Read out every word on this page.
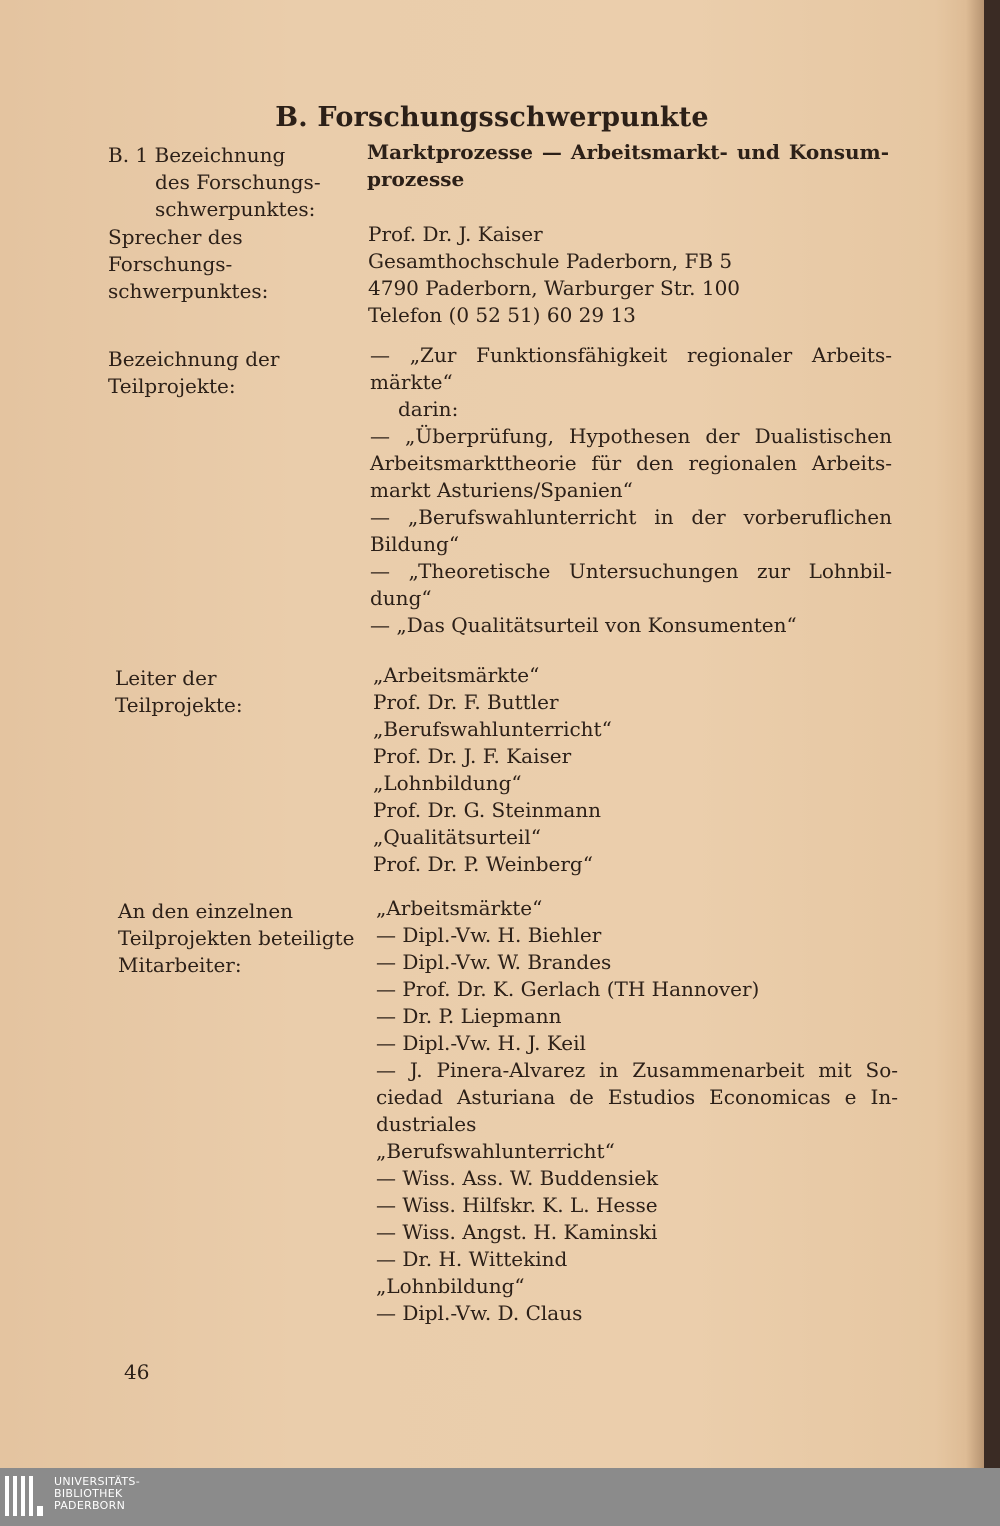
B. Forschungsschwerpunkte

B. 1 Bezeichnung
des Forschungs-
schwerpunktes:

Marktprozesse — Arbeitsmarkt- und Konsum-
prozesse

Sprecher des
Forschungs-
schwerpunktes:

Prof. Dr. J. Kaiser
Gesamthochschule Paderborn, FB 5
4790 Paderborn, Warburger Str. 100
Telefon (0 52 51) 60 29 13

Bezeichnung der
Teilprojekte:

— „Zur Funktionsfähigkeit regionaler Arbeits-
märkte“
darin:
— „Überprüfung, Hypothesen der Dualistischen
Arbeitsmarkttheorie für den regionalen Arbeits-
markt Asturiens/Spanien“
— „Berufswahlunterricht in der vorberuflichen
Bildung“
— „Theoretische Untersuchungen zur Lohnbil-
dung“
— „Das Qualitätsurteil von Konsumenten“

Leiter der
Teilprojekte:

„Arbeitsmärkte“
Prof. Dr. F. Buttler
„Berufswahlunterricht“
Prof. Dr. J. F. Kaiser
„Lohnbildung“
Prof. Dr. G. Steinmann
„Qualitätsurteil“
Prof. Dr. P. Weinberg“

An den einzelnen
Teilprojekten beteiligte
Mitarbeiter:

„Arbeitsmärkte“
— Dipl.-Vw. H. Biehler
— Dipl.-Vw. W. Brandes
— Prof. Dr. K. Gerlach (TH Hannover)
— Dr. P. Liepmann
— Dipl.-Vw. H. J. Keil
— J. Pinera-Alvarez in Zusammenarbeit mit So-
ciedad Asturiana de Estudios Economicas e In-
dustriales
„Berufswahlunterricht“
— Wiss. Ass. W. Buddensiek
— Wiss. Hilfskr. K. L. Hesse
— Wiss. Angst. H. Kaminski
— Dr. H. Wittekind
„Lohnbildung“
— Dipl.-Vw. D. Claus

46
UNIVERSITÄTS-
BIBLIOTHEK
PADERBORN
